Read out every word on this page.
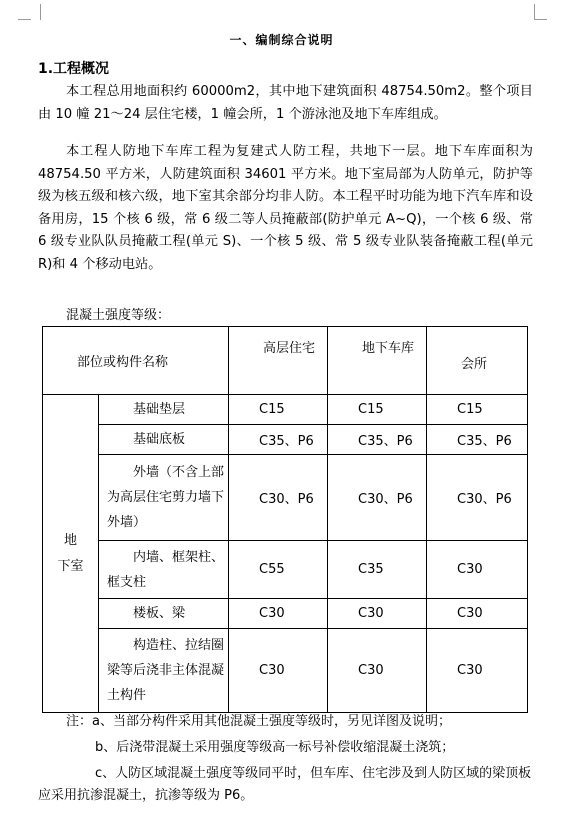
一、编制综合说明
1.工程概况

本工程总用地面积约 60000m2，其中地下建筑面积 48754.50m2。整个项目由 10 幢 21～24 层住宅楼，1 幢会所，1 个游泳池及地下车库组成。

本工程人防地下车库工程为复建式人防工程，共地下一层。地下车库面积为 48754.50 平方米，人防建筑面积 34601 平方米。地下室局部为人防单元，防护等级为核五级和核六级，地下室其余部分均非人防。本工程平时功能为地下汽车库和设备用房，15 个核 6 级，常 6 级二等人员掩蔽部(防护单元 A~Q)，一个核 6 级、常 6 级专业队队员掩蔽工程(单元 S)、一个核 5 级、常 5 级专业队装备掩蔽工程(单元 R)和 4 个移动电站。

混凝土强度等级：
部位或构件名称		高层住宅	地下车库	会所

地
下室	基础垫层	C15	C15	C15
	基础底板	C35、P6	C35、P6	C35、P6
	外墙（不含上部为高层住宅剪力墙下外墙）	C30、P6	C30、P6	C30、P6
	内墙、框架柱、框支柱	C55	C35	C30
	楼板、梁	C30	C30	C30
	构造柱、拉结圈梁等后浇非主体混凝土构件	C30	C30	C30

注：a、当部分构件采用其他混凝土强度等级时，另见详图及说明；

b、后浇带混凝土采用强度等级高一标号补偿收缩混凝土浇筑；

c、人防区域混凝土强度等级同平时，但车库、住宅涉及到人防区域的梁顶板应采用抗渗混凝土，抗渗等级为 P6。
